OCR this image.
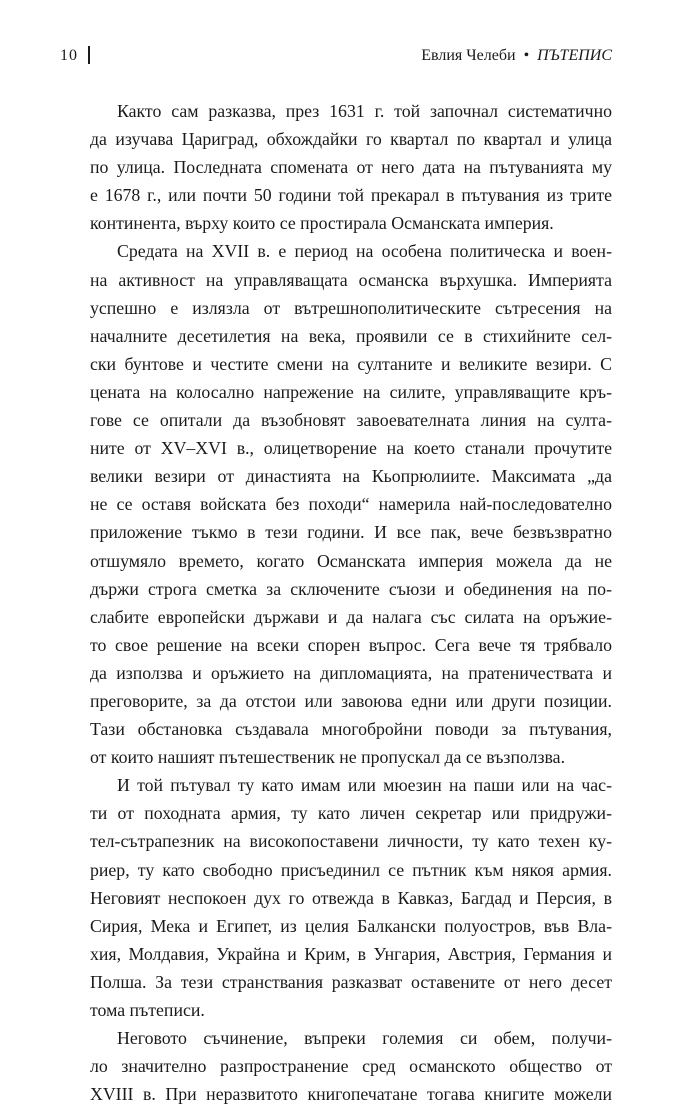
10	Евлия Челеби • ПЪТЕПИС
Както сам разказва, през 1631 г. той започнал систематично
да изучава Цариград, обхождайки го квартал по квартал и улица
по улица. Последната спомената от него дата на пътуванията му
е 1678 г., или почти 50 години той прекарал в пътувания из трите
континента, върху които се простирала Османската империя.
Средата на XVII в. е период на особена политическа и воен-
на активност на управляващата османска върхушка. Империята
успешно е излязла от вътрешнополитическите сътресения на
началните десетилетия на века, проявили се в стихийните сел-
ски бунтове и честите смени на султаните и великите везири. С
цената на колосално напрежение на силите, управляващите кръ-
гове се опитали да възобновят завоевателната линия на султа-
ните от XV–XVI в., олицетворение на което станали прочутите
велики везири от династията на Кьопрюлиите. Максимата „да
не се оставя войската без походи“ намерила най-последователно
приложение тъкмо в тези години. И все пак, вече безвъзвратно
отшумяло времето, когато Османската империя можела да не
държи строга сметка за сключените съюзи и обединения на по-
слабите европейски държави и да налага със силата на оръжие-
то свое решение на всеки спорен въпрос. Сега вече тя трябвало
да използва и оръжието на дипломацията, на пратеничествата и
преговорите, за да отстои или завоюва едни или други позиции.
Тази обстановка създавала многобройни поводи за пътувания,
от които нашият пътешественик не пропускал да се възползва.
И той пътувал ту като имам или мюезин на паши или на час-
ти от походната армия, ту като личен секретар или придружи-
тел-сътрапезник на високопоставени личности, ту като техен ку-
риер, ту като свободно присъединил се пътник към някоя армия.
Неговият неспокоен дух го отвежда в Кавказ, Багдад и Персия, в
Сирия, Мека и Египет, из целия Балкански полуостров, във Вла-
хия, Молдавия, Украйна и Крим, в Унгария, Австрия, Германия и
Полша. За тези странствания разказват оставените от него десет
тома пътеписи.
Неговото съчинение, въпреки големия си обем, получи-
ло значително разпространение сред османското общество от
XVIII в. При неразвитото книгопечатане тогава книгите можели
